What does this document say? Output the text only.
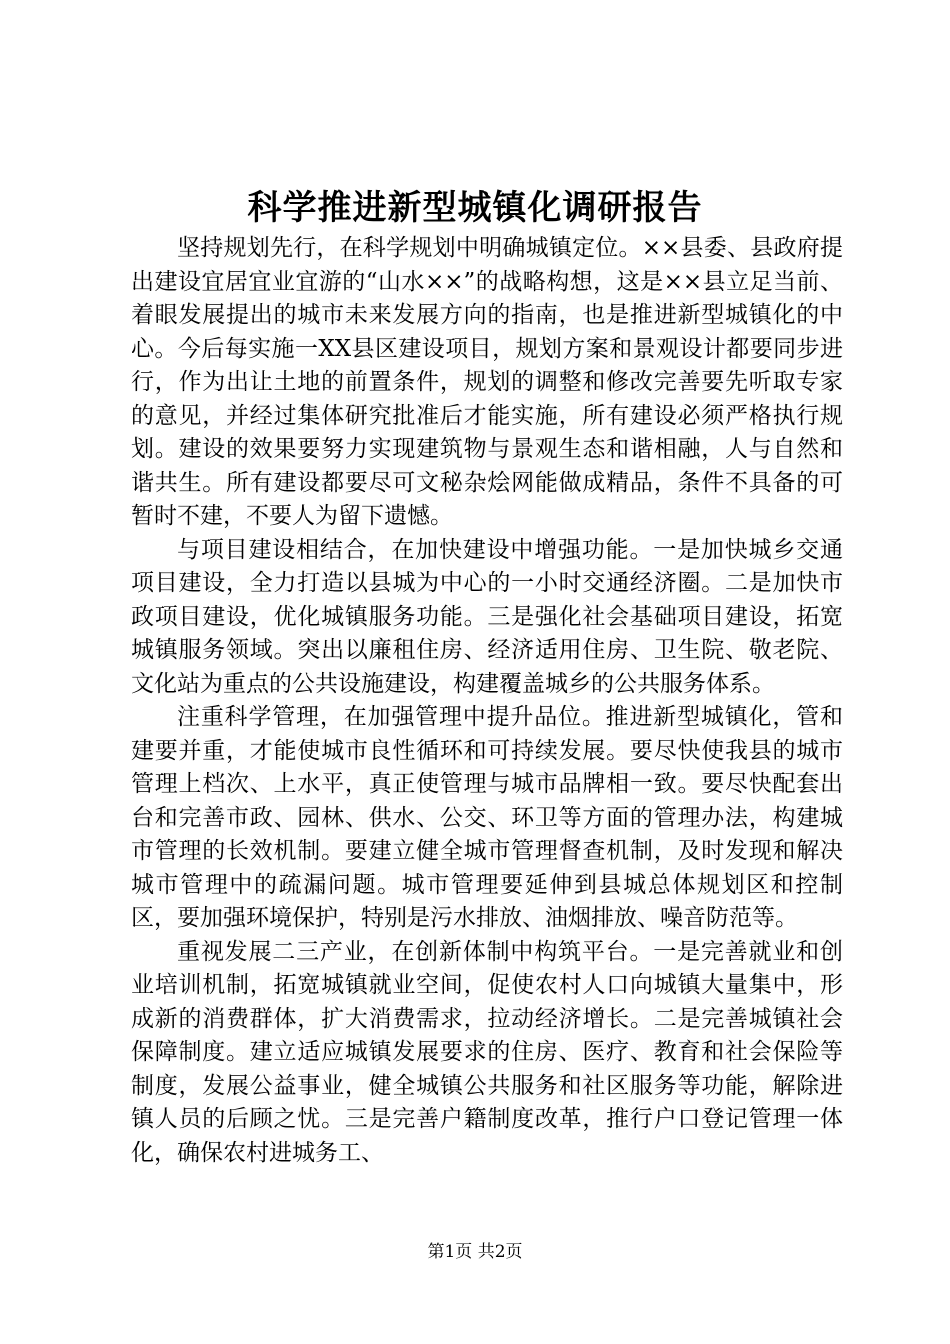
科学推进新型城镇化调研报告

坚持规划先行，在科学规划中明确城镇定位。××县委、县政府提出建设宜居宜业宜游的“山水××”的战略构想，这是××县立足当前、着眼发展提出的城市未来发展方向的指南，也是推进新型城镇化的中心。今后每实施一XX县区建设项目，规划方案和景观设计都要同步进行，作为出让土地的前置条件，规划的调整和修改完善要先听取专家的意见，并经过集体研究批准后才能实施，所有建设必须严格执行规划。建设的效果要努力实现建筑物与景观生态和谐相融，人与自然和谐共生。所有建设都要尽可文秘杂烩网能做成精品，条件不具备的可暂时不建，不要人为留下遗憾。

与项目建设相结合，在加快建设中增强功能。一是加快城乡交通项目建设，全力打造以县城为中心的一小时交通经济圈。二是加快市政项目建设，优化城镇服务功能。三是强化社会基础项目建设，拓宽城镇服务领域。突出以廉租住房、经济适用住房、卫生院、敬老院、文化站为重点的公共设施建设，构建覆盖城乡的公共服务体系。

注重科学管理，在加强管理中提升品位。推进新型城镇化，管和建要并重，才能使城市良性循环和可持续发展。要尽快使我县的城市管理上档次、上水平，真正使管理与城市品牌相一致。要尽快配套出台和完善市政、园林、供水、公交、环卫等方面的管理办法，构建城市管理的长效机制。要建立健全城市管理督查机制，及时发现和解决城市管理中的疏漏问题。城市管理要延伸到县城总体规划区和控制区，要加强环境保护，特别是污水排放、油烟排放、噪音防范等。

重视发展二三产业，在创新体制中构筑平台。一是完善就业和创业培训机制，拓宽城镇就业空间，促使农村人口向城镇大量集中，形成新的消费群体，扩大消费需求，拉动经济增长。二是完善城镇社会保障制度。建立适应城镇发展要求的住房、医疗、教育和社会保险等制度，发展公益事业，健全城镇公共服务和社区服务等功能，解除进镇人员的后顾之忧。三是完善户籍制度改革，推行户口登记管理一体化，确保农村进城务工、

第1页 共2页
